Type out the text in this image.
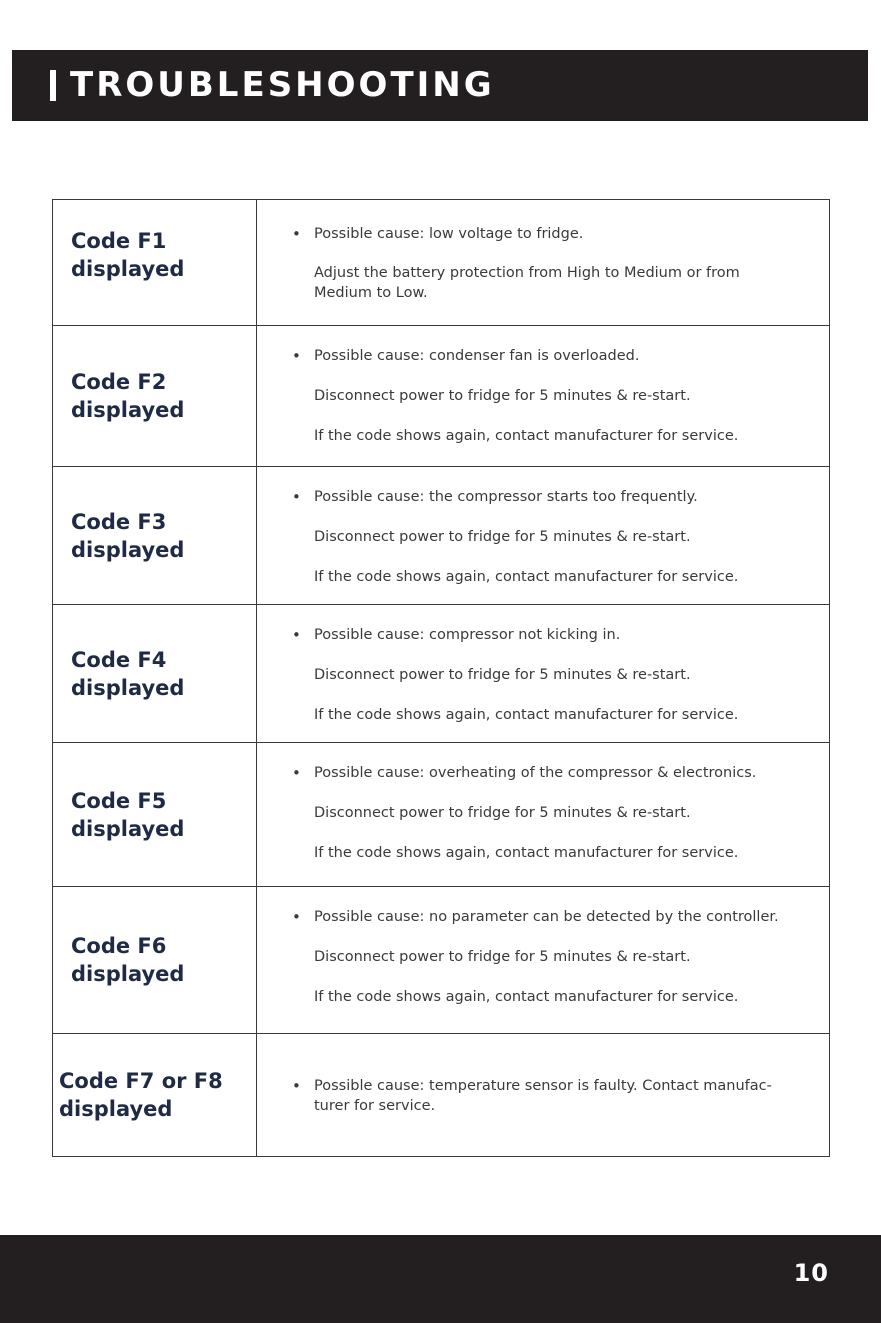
TROUBLESHOOTING
Code F1
displayed

• Possible cause: low voltage to fridge.

Adjust the battery protection from High to Medium or from Medium to Low.

Code F2
displayed

• Possible cause: condenser fan is overloaded.

Disconnect power to fridge for 5 minutes & re-start.

If the code shows again, contact manufacturer for service.

Code F3
displayed

• Possible cause: the compressor starts too frequently.

Disconnect power to fridge for 5 minutes & re-start.

If the code shows again, contact manufacturer for service.

Code F4
displayed

• Possible cause: compressor not kicking in.

Disconnect power to fridge for 5 minutes & re-start.

If the code shows again, contact manufacturer for service.

Code F5
displayed

• Possible cause: overheating of the compressor & electronics.

Disconnect power to fridge for 5 minutes & re-start.

If the code shows again, contact manufacturer for service.

Code F6
displayed

• Possible cause: no parameter can be detected by the controller.

Disconnect power to fridge for 5 minutes & re-start.

If the code shows again, contact manufacturer for service.

Code F7 or F8
displayed

• Possible cause: temperature sensor is faulty. Contact manufac-turer for service.

10
